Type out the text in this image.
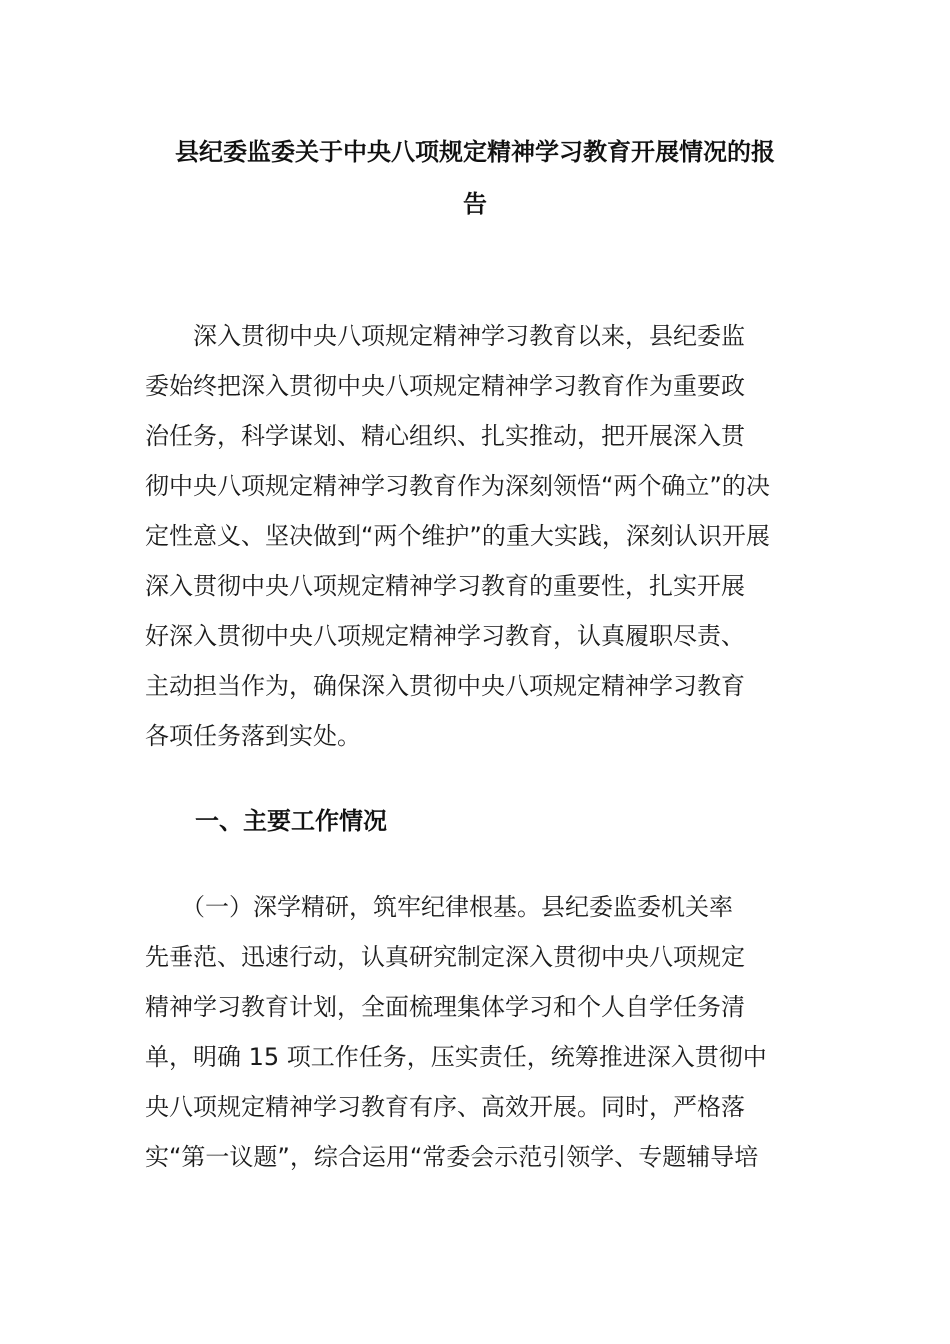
县纪委监委关于中央八项规定精神学习教育开展情况的报
告
　　深入贯彻中央八项规定精神学习教育以来，县纪委监
委始终把深入贯彻中央八项规定精神学习教育作为重要政
治任务，科学谋划、精心组织、扎实推动，把开展深入贯
彻中央八项规定精神学习教育作为深刻领悟“两个确立”的决
定性意义、坚决做到“两个维护”的重大实践，深刻认识开展
深入贯彻中央八项规定精神学习教育的重要性，扎实开展
好深入贯彻中央八项规定精神学习教育，认真履职尽责、
主动担当作为，确保深入贯彻中央八项规定精神学习教育
各项任务落到实处。
一、主要工作情况
　　（一）深学精研，筑牢纪律根基。县纪委监委机关率
先垂范、迅速行动，认真研究制定深入贯彻中央八项规定
精神学习教育计划，全面梳理集体学习和个人自学任务清
单，明确 15 项工作任务，压实责任，统筹推进深入贯彻中
央八项规定精神学习教育有序、高效开展。同时，严格落
实“第一议题”，综合运用“常委会示范引领学、专题辅导培
